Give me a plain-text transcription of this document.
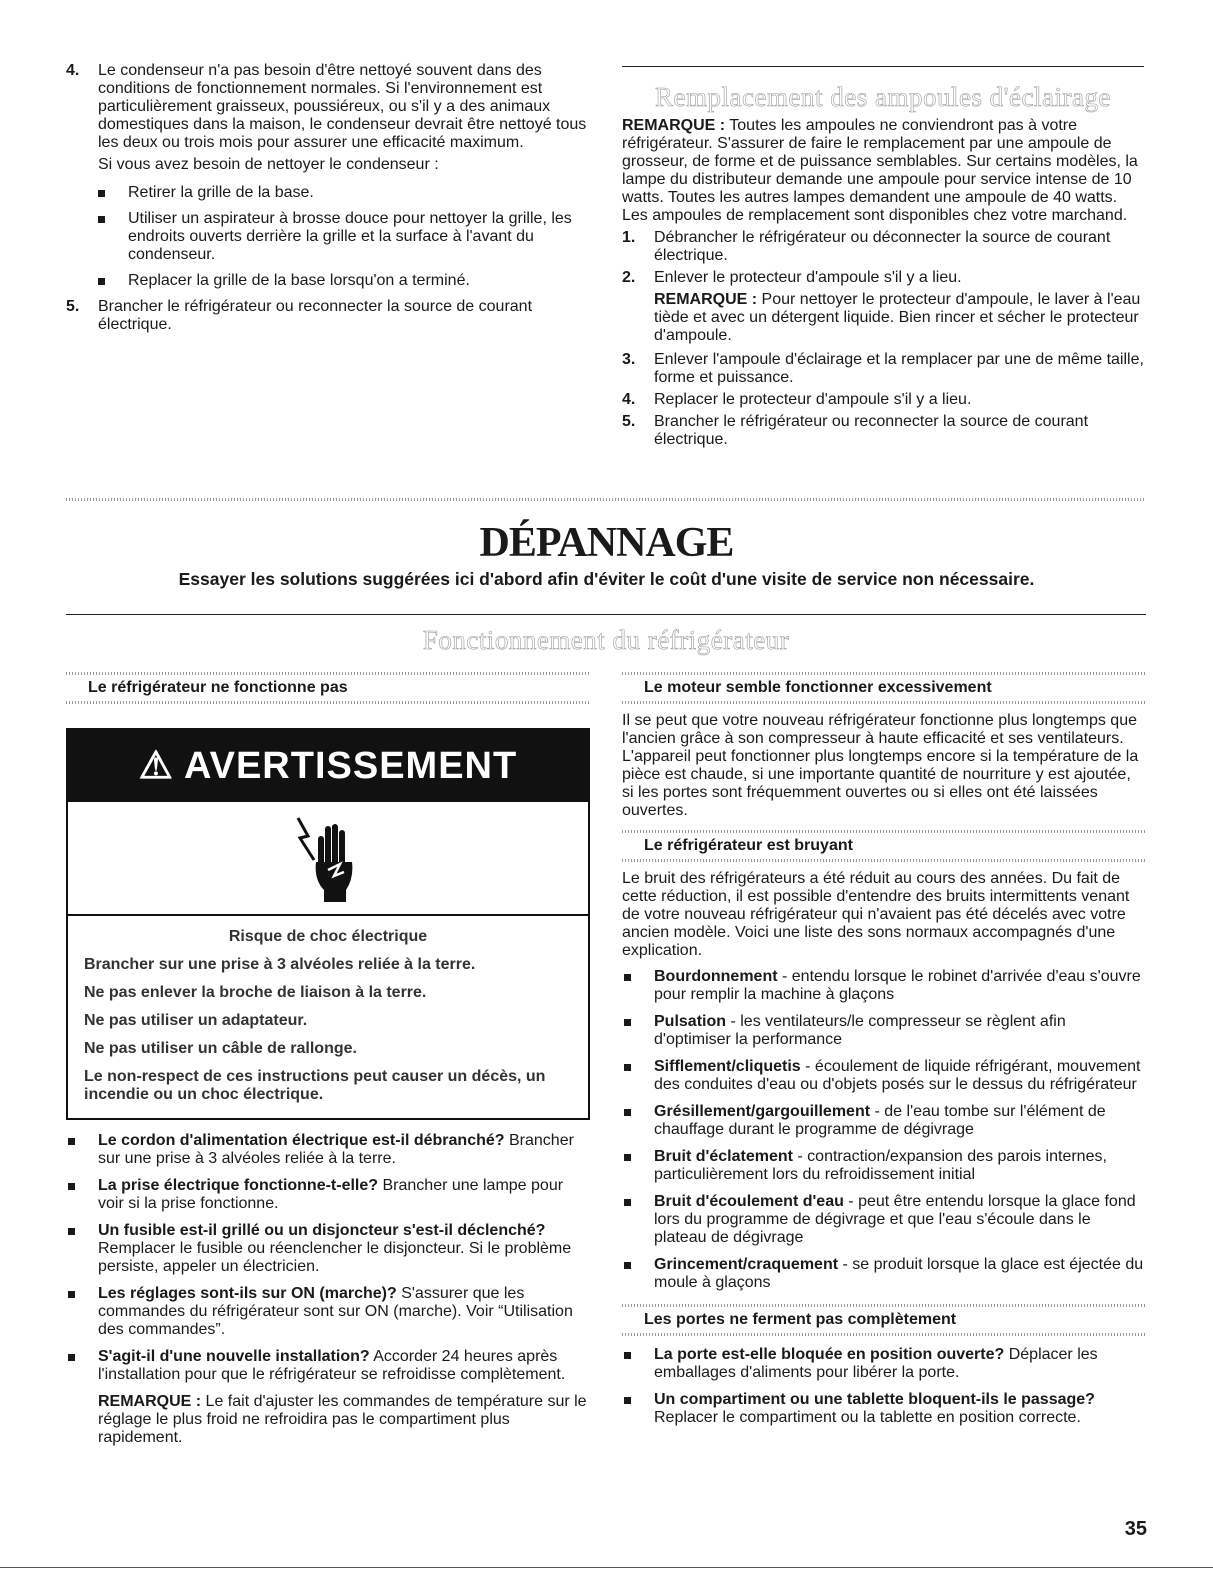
4. Le condenseur n'a pas besoin d'être nettoyé souvent dans des conditions de fonctionnement normales. Si l'environnement est particulièrement graisseux, poussiéreux, ou s'il y a des animaux domestiques dans la maison, le condenseur devrait être nettoyé tous les deux ou trois mois pour assurer une efficacité maximum.

Si vous avez besoin de nettoyer le condenseur :

Retirer la grille de la base.

Utiliser un aspirateur à brosse douce pour nettoyer la grille, les endroits ouverts derrière la grille et la surface à l'avant du condenseur.

Replacer la grille de la base lorsqu'on a terminé.

5. Brancher le réfrigérateur ou reconnecter la source de courant électrique.

Remplacement des ampoules d'éclairage

REMARQUE : Toutes les ampoules ne conviendront pas à votre réfrigérateur. S'assurer de faire le remplacement par une ampoule de grosseur, de forme et de puissance semblables. Sur certains modèles, la lampe du distributeur demande une ampoule pour service intense de 10 watts. Toutes les autres lampes demandent une ampoule de 40 watts. Les ampoules de remplacement sont disponibles chez votre marchand.

1. Débrancher le réfrigérateur ou déconnecter la source de courant électrique.

2. Enlever le protecteur d'ampoule s'il y a lieu.

REMARQUE : Pour nettoyer le protecteur d'ampoule, le laver à l'eau tiède et avec un détergent liquide. Bien rincer et sécher le protecteur d'ampoule.

3. Enlever l'ampoule d'éclairage et la remplacer par une de même taille, forme et puissance.

4. Replacer le protecteur d'ampoule s'il y a lieu.

5. Brancher le réfrigérateur ou reconnecter la source de courant électrique.

DÉPANNAGE
Essayer les solutions suggérées ici d'abord afin d'éviter le coût d'une visite de service non nécessaire.
Fonctionnement du réfrigérateur
Le réfrigérateur ne fonctionne pas
⚠ AVERTISSEMENT

Risque de choc électrique

Brancher sur une prise à 3 alvéoles reliée à la terre.

Ne pas enlever la broche de liaison à la terre.

Ne pas utiliser un adaptateur.

Ne pas utiliser un câble de rallonge.

Le non-respect de ces instructions peut causer un décès, un incendie ou un choc électrique.

Le cordon d'alimentation électrique est-il débranché? Brancher sur une prise à 3 alvéoles reliée à la terre.

La prise électrique fonctionne-t-elle? Brancher une lampe pour voir si la prise fonctionne.

Un fusible est-il grillé ou un disjoncteur s'est-il déclenché? Remplacer le fusible ou réenclencher le disjoncteur. Si le problème persiste, appeler un électricien.

Les réglages sont-ils sur ON (marche)? S'assurer que les commandes du réfrigérateur sont sur ON (marche). Voir “Utilisation des commandes”.

S'agit-il d'une nouvelle installation? Accorder 24 heures après l'installation pour que le réfrigérateur se refroidisse complètement.

REMARQUE : Le fait d'ajuster les commandes de température sur le réglage le plus froid ne refroidira pas le compartiment plus rapidement.

Le moteur semble fonctionner excessivement

Il se peut que votre nouveau réfrigérateur fonctionne plus longtemps que l'ancien grâce à son compresseur à haute efficacité et ses ventilateurs. L'appareil peut fonctionner plus longtemps encore si la température de la pièce est chaude, si une importante quantité de nourriture y est ajoutée, si les portes sont fréquemment ouvertes ou si elles ont été laissées ouvertes.

Le réfrigérateur est bruyant

Le bruit des réfrigérateurs a été réduit au cours des années. Du fait de cette réduction, il est possible d'entendre des bruits intermittents venant de votre nouveau réfrigérateur qui n'avaient pas été décelés avec votre ancien modèle. Voici une liste des sons normaux accompagnés d'une explication.

Bourdonnement - entendu lorsque le robinet d'arrivée d'eau s'ouvre pour remplir la machine à glaçons

Pulsation - les ventilateurs/le compresseur se règlent afin d'optimiser la performance

Sifflement/cliquetis - écoulement de liquide réfrigérant, mouvement des conduites d'eau ou d'objets posés sur le dessus du réfrigérateur

Grésillement/gargouillement - de l'eau tombe sur l'élément de chauffage durant le programme de dégivrage

Bruit d'éclatement - contraction/expansion des parois internes, particulièrement lors du refroidissement initial

Bruit d'écoulement d'eau - peut être entendu lorsque la glace fond lors du programme de dégivrage et que l'eau s'écoule dans le plateau de dégivrage

Grincement/craquement - se produit lorsque la glace est éjectée du moule à glaçons

Les portes ne ferment pas complètement

La porte est-elle bloquée en position ouverte? Déplacer les emballages d'aliments pour libérer la porte.

Un compartiment ou une tablette bloquent-ils le passage? Replacer le compartiment ou la tablette en position correcte.

35
